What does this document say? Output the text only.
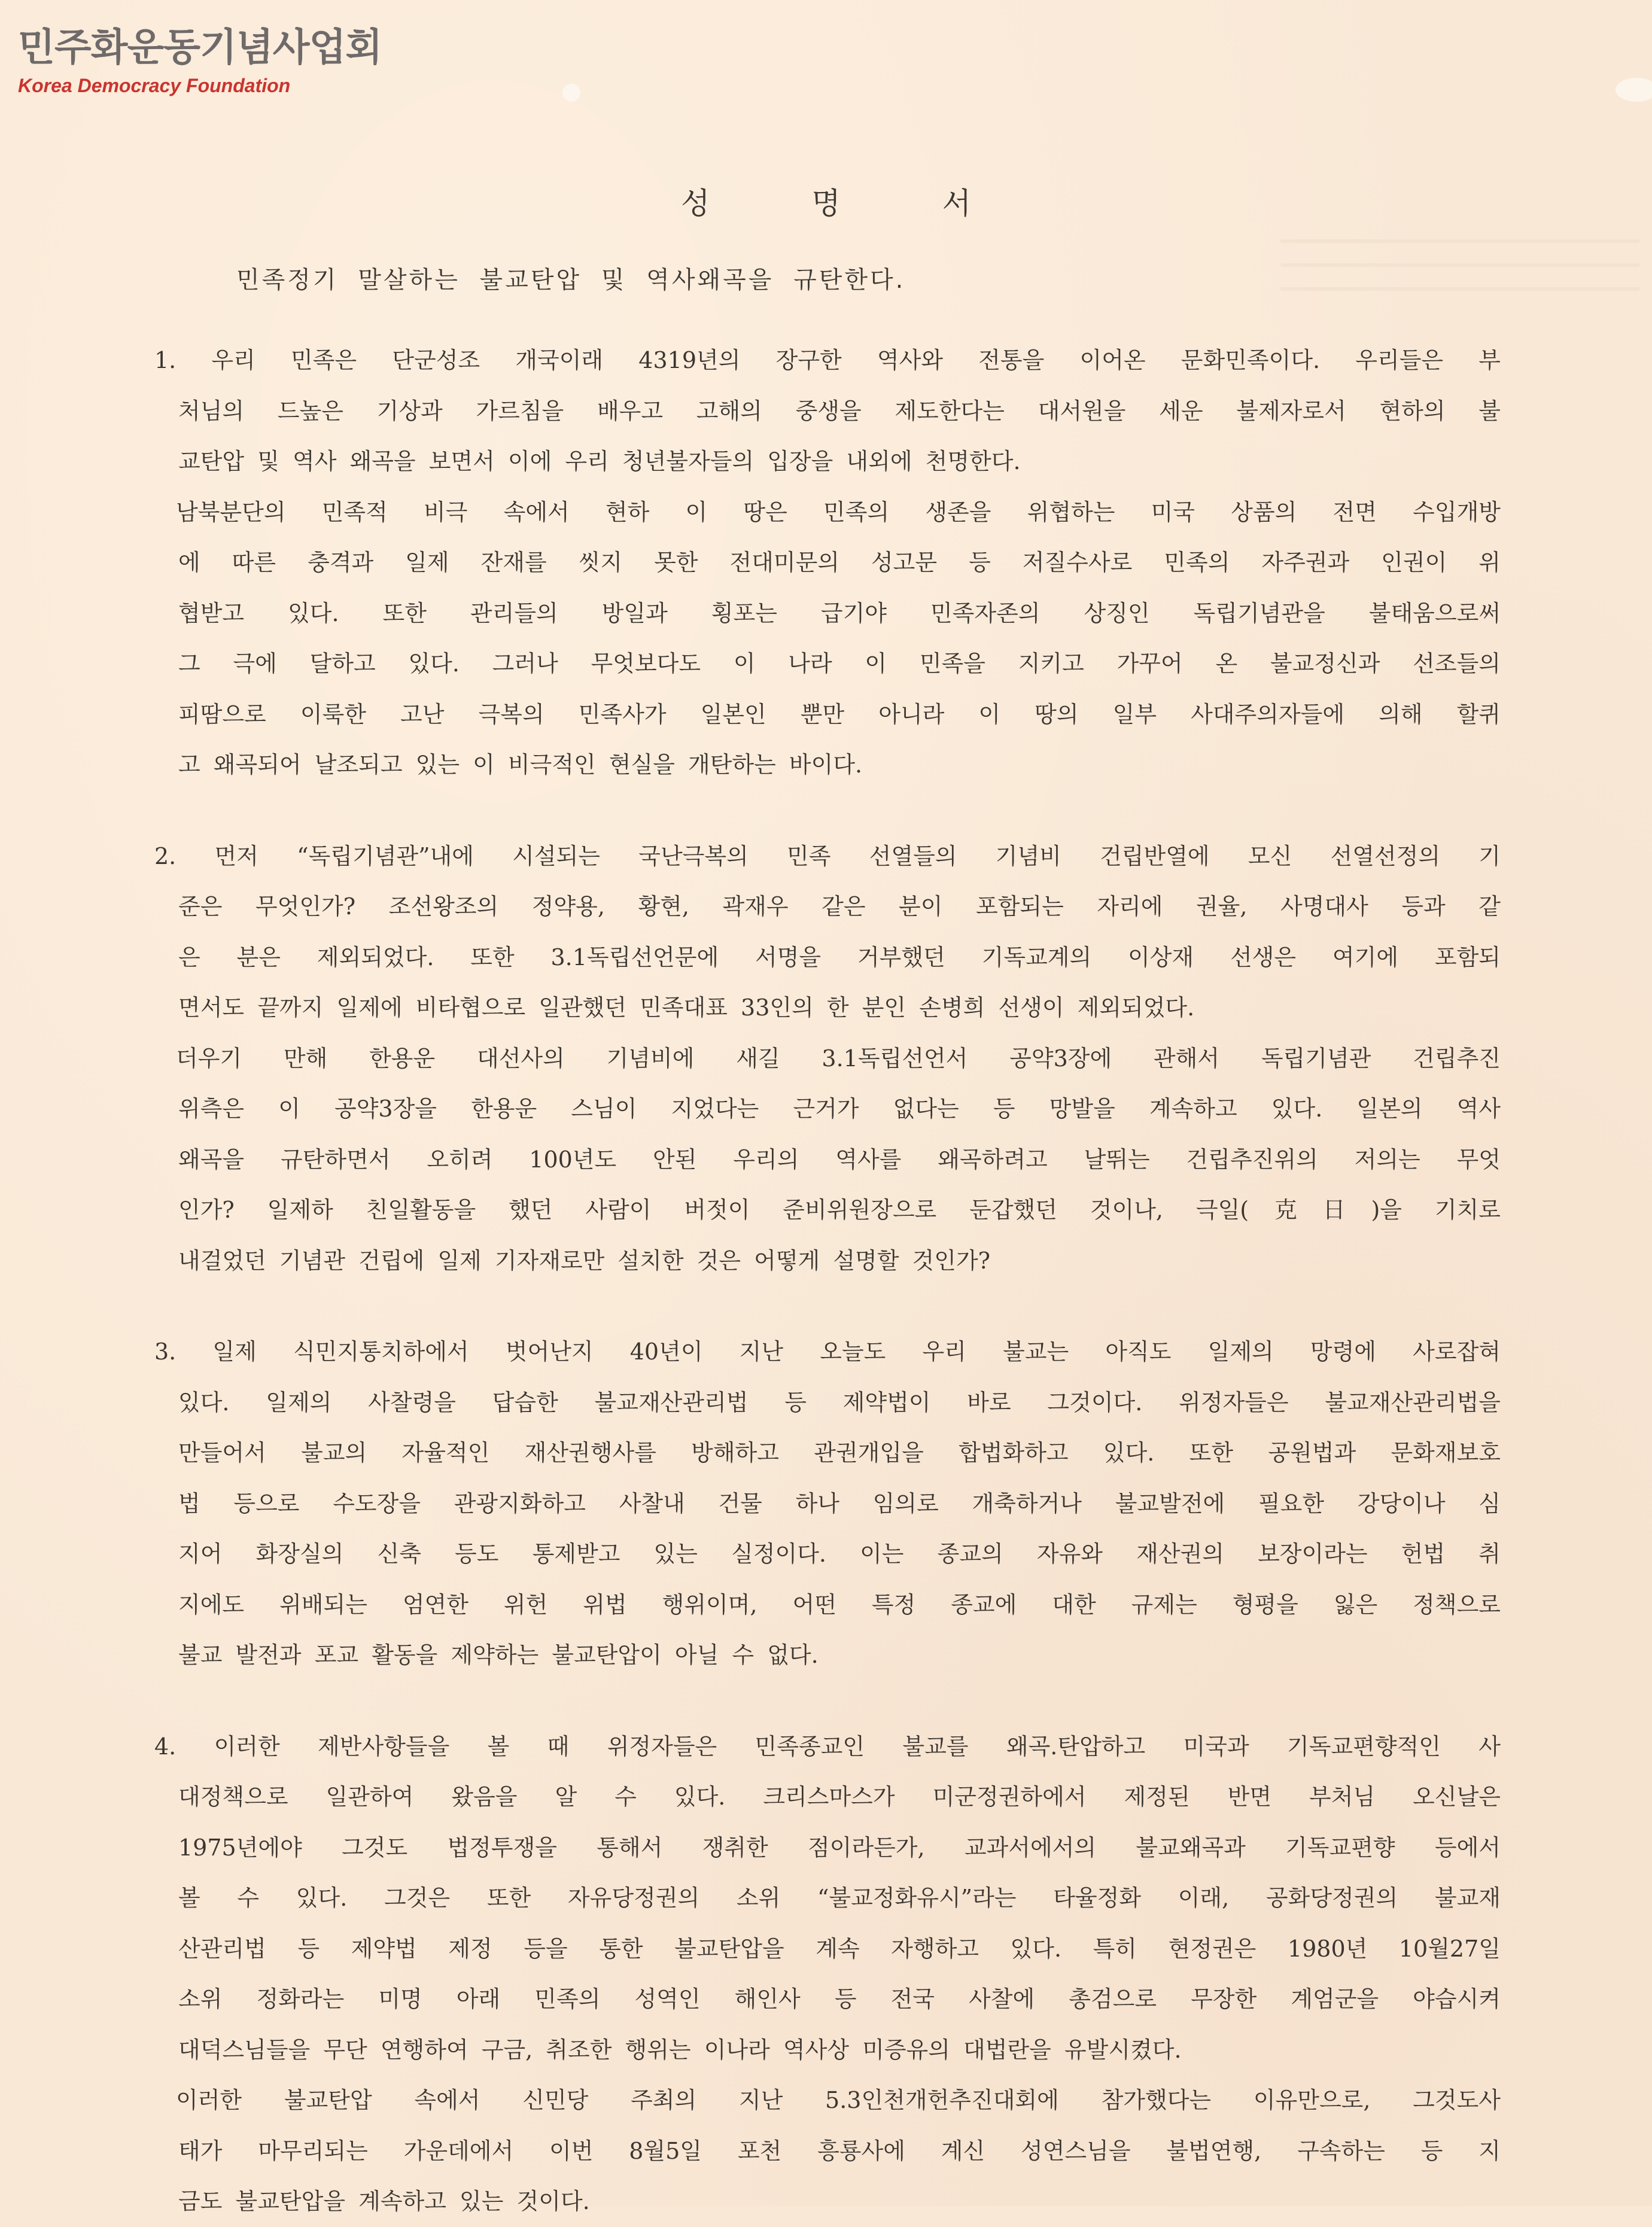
민주화운동기념사업회
Korea Democracy Foundation
성명서
민족정기 말살하는 불교탄압 및 역사왜곡을 규탄한다.
1. 우리 민족은 단군성조 개국이래 4319년의 장구한 역사와 전통을 이어온 문화민족이다. 우리들은 부
처님의 드높은 기상과 가르침을 배우고 고해의 중생을 제도한다는 대서원을 세운 불제자로서 현하의 불
교탄압 및 역사 왜곡을 보면서 이에 우리 청년불자들의 입장을 내외에 천명한다.
남북분단의 민족적 비극 속에서 현하 이 땅은 민족의 생존을 위협하는 미국 상품의 전면 수입개방
에 따른 충격과 일제 잔재를 씻지 못한 전대미문의 성고문 등 저질수사로 민족의 자주권과 인권이 위
협받고 있다. 또한 관리들의 방일과 횡포는 급기야 민족자존의 상징인 독립기념관을 불태움으로써
그 극에 달하고 있다. 그러나 무엇보다도 이 나라 이 민족을 지키고 가꾸어 온 불교정신과 선조들의
피땀으로 이룩한 고난 극복의 민족사가 일본인 뿐만 아니라 이 땅의 일부 사대주의자들에 의해 할퀴
고 왜곡되어 날조되고 있는 이 비극적인 현실을 개탄하는 바이다.
2. 먼저 “독립기념관”내에 시설되는 국난극복의 민족 선열들의 기념비 건립반열에 모신 선열선정의 기
준은 무엇인가? 조선왕조의 정약용, 황현, 곽재우 같은 분이 포함되는 자리에 권율, 사명대사 등과 같
은 분은 제외되었다. 또한 3.1독립선언문에 서명을 거부했던 기독교계의 이상재 선생은 여기에 포함되
면서도 끝까지 일제에 비타협으로 일관했던 민족대표 33인의 한 분인 손병희 선생이 제외되었다.
더우기 만해 한용운 대선사의 기념비에 새길 3.1독립선언서 공약3장에 관해서 독립기념관 건립추진
위측은 이 공약3장을 한용운 스님이 지었다는 근거가 없다는 등 망발을 계속하고 있다. 일본의 역사
왜곡을 규탄하면서 오히려 100년도 안된 우리의 역사를 왜곡하려고 날뛰는 건립추진위의 저의는 무엇
인가? 일제하 친일활동을 했던 사람이 버젓이 준비위원장으로 둔갑했던 것이나, 극일(克日)을 기치로
내걸었던 기념관 건립에 일제 기자재로만 설치한 것은 어떻게 설명할 것인가?
3. 일제 식민지통치하에서 벗어난지 40년이 지난 오늘도 우리 불교는 아직도 일제의 망령에 사로잡혀
있다. 일제의 사찰령을 답습한 불교재산관리법 등 제약법이 바로 그것이다. 위정자들은 불교재산관리법을
만들어서 불교의 자율적인 재산권행사를 방해하고 관권개입을 합법화하고 있다. 또한 공원법과 문화재보호
법 등으로 수도장을 관광지화하고 사찰내 건물 하나 임의로 개축하거나 불교발전에 필요한 강당이나 심
지어 화장실의 신축 등도 통제받고 있는 실정이다. 이는 종교의 자유와 재산권의 보장이라는 헌법 취
지에도 위배되는 엄연한 위헌 위법 행위이며, 어떤 특정 종교에 대한 규제는 형평을 잃은 정책으로
불교 발전과 포교 활동을 제약하는 불교탄압이 아닐 수 없다.
4. 이러한 제반사항들을 볼 때 위정자들은 민족종교인 불교를 왜곡.탄압하고 미국과 기독교편향적인 사
대정책으로 일관하여 왔음을 알 수 있다. 크리스마스가 미군정권하에서 제정된 반면 부처님 오신날은
1975년에야 그것도 법정투쟁을 통해서 쟁취한 점이라든가, 교과서에서의 불교왜곡과 기독교편향 등에서
볼 수 있다. 그것은 또한 자유당정권의 소위 “불교정화유시”라는 타율정화 이래, 공화당정권의 불교재
산관리법 등 제약법 제정 등을 통한 불교탄압을 계속 자행하고 있다. 특히 현정권은 1980년 10월27일
소위 정화라는 미명 아래 민족의 성역인 해인사 등 전국 사찰에 총검으로 무장한 계엄군을 야습시켜
대덕스님들을 무단 연행하여 구금, 취조한 행위는 이나라 역사상 미증유의 대법란을 유발시켰다.
이러한 불교탄압 속에서 신민당 주최의 지난 5.3인천개헌추진대회에 참가했다는 이유만으로, 그것도사
태가 마무리되는 가운데에서 이번 8월5일 포천 흥룡사에 계신 성연스님을 불법연행, 구속하는 등 지
금도 불교탄압을 계속하고 있는 것이다.
